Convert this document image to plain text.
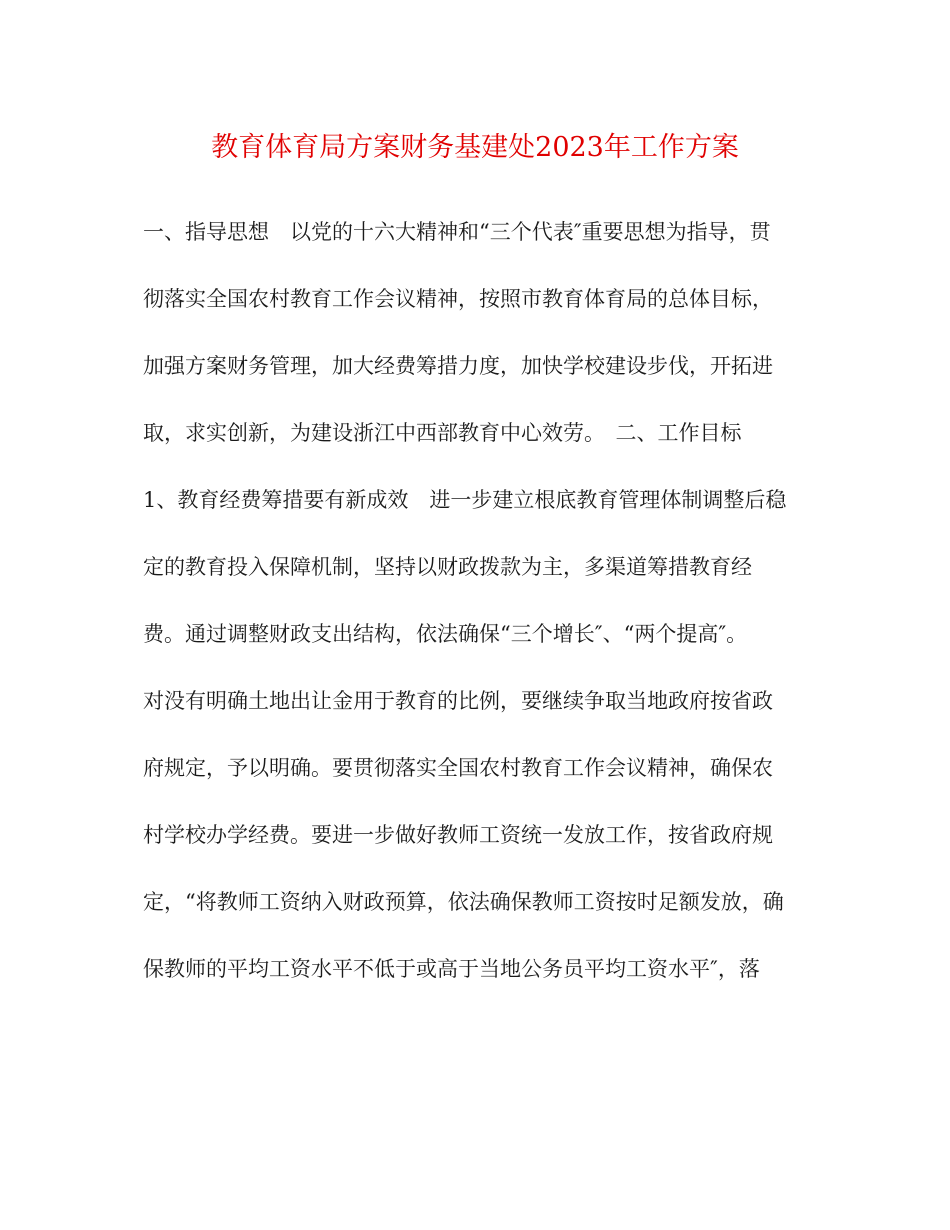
教育体育局方案财务基建处2023年工作方案
一、指导思想　以党的十六大精神和“三个代表″重要思想为指导，贯
彻落实全国农村教育工作会议精神，按照市教育体育局的总体目标，
加强方案财务管理，加大经费筹措力度，加快学校建设步伐，开拓进
取，求实创新，为建设浙江中西部教育中心效劳。　二、工作目标
1、教育经费筹措要有新成效　进一步建立根底教育管理体制调整后稳
定的教育投入保障机制，坚持以财政拨款为主，多渠道筹措教育经
费。通过调整财政支出结构，依法确保“三个增长″、“两个提高″。
对没有明确土地出让金用于教育的比例，要继续争取当地政府按省政
府规定，予以明确。要贯彻落实全国农村教育工作会议精神，确保农
村学校办学经费。要进一步做好教师工资统一发放工作，按省政府规
定，“将教师工资纳入财政预算，依法确保教师工资按时足额发放，确
保教师的平均工资水平不低于或高于当地公务员平均工资水平″，落
